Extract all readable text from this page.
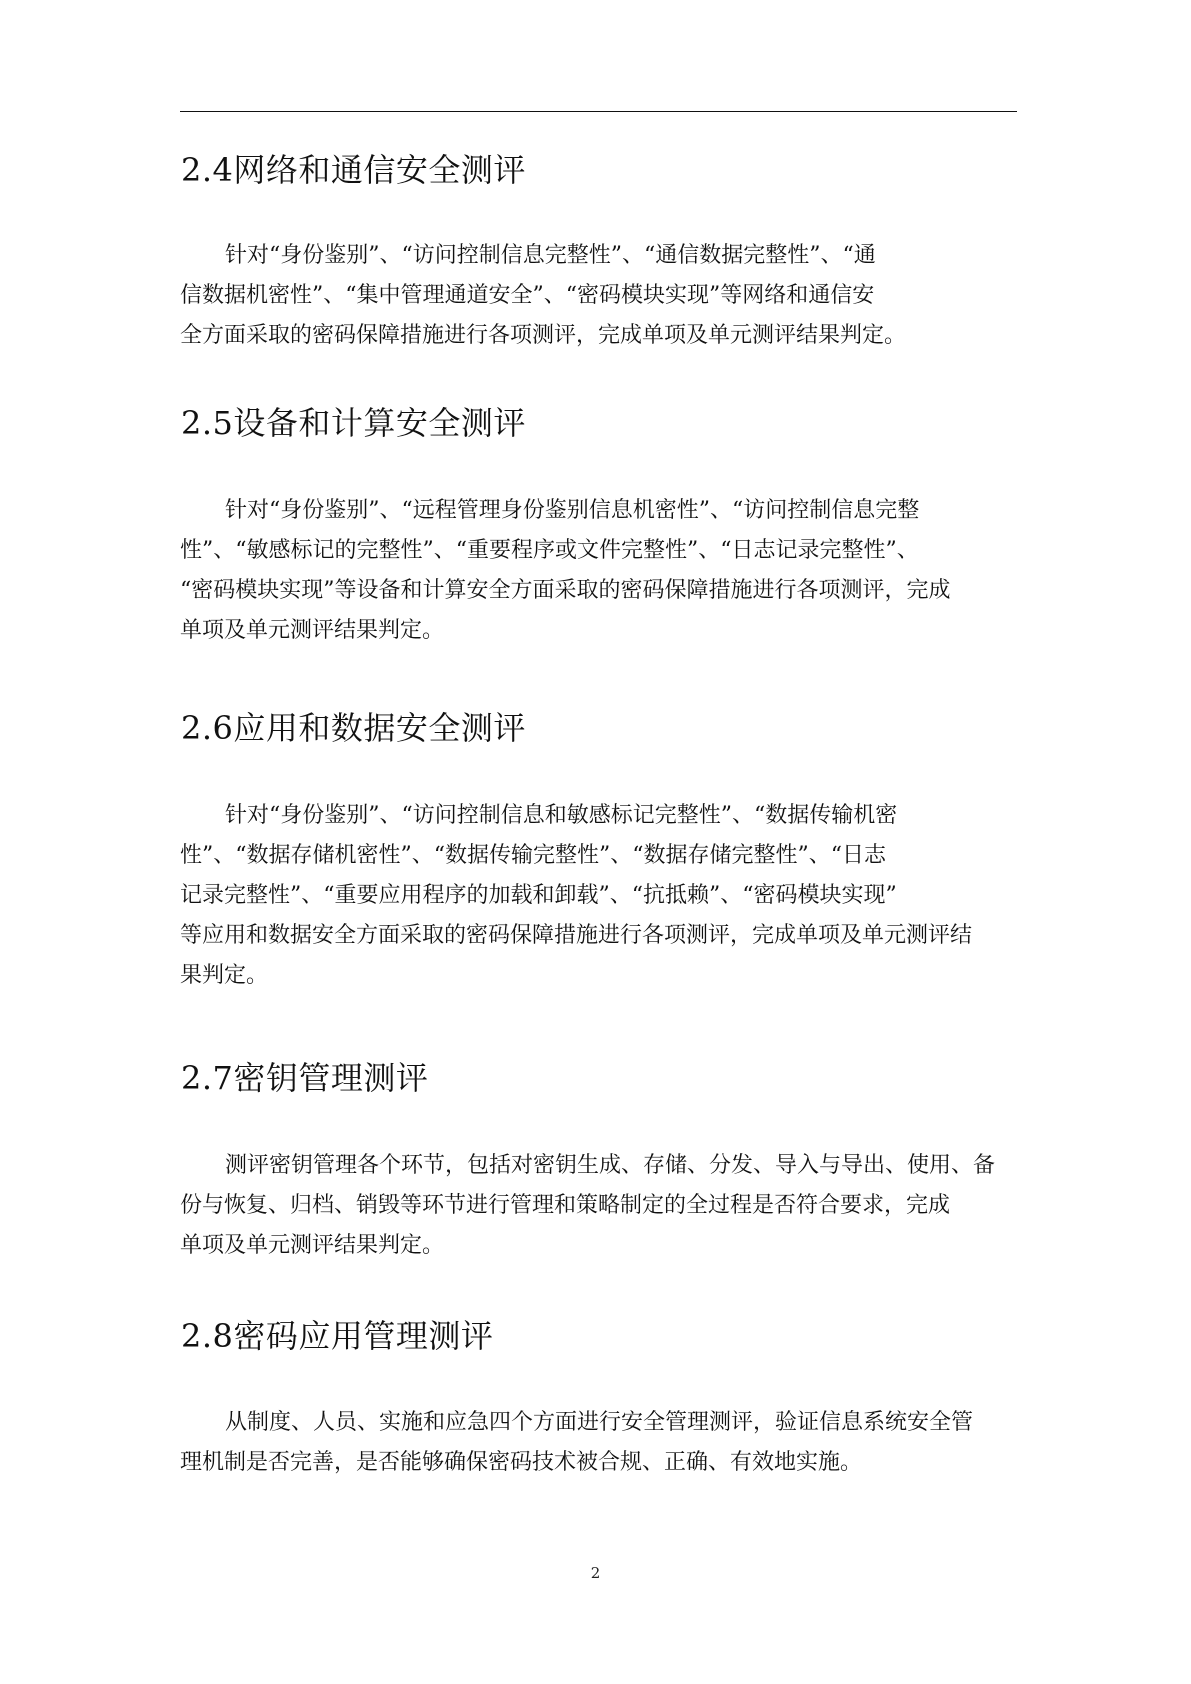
2.4网络和通信安全测评
针对“身份鉴别”、“访问控制信息完整性”、“通信数据完整性”、“通
信数据机密性”、“集中管理通道安全”、“密码模块实现”等网络和通信安
全方面采取的密码保障措施进行各项测评，完成单项及单元测评结果判定。
2.5设备和计算安全测评
针对“身份鉴别”、“远程管理身份鉴别信息机密性”、“访问控制信息完整
性”、“敏感标记的完整性”、“重要程序或文件完整性”、“日志记录完整性”、
“密码模块实现”等设备和计算安全方面采取的密码保障措施进行各项测评，完成
单项及单元测评结果判定。
2.6应用和数据安全测评
针对“身份鉴别”、“访问控制信息和敏感标记完整性”、“数据传输机密
性”、“数据存储机密性”、“数据传输完整性”、“数据存储完整性”、“日志
记录完整性”、“重要应用程序的加载和卸载”、“抗抵赖”、“密码模块实现”
等应用和数据安全方面采取的密码保障措施进行各项测评，完成单项及单元测评结
果判定。
2.7密钥管理测评
测评密钥管理各个环节，包括对密钥生成、存储、分发、导入与导出、使用、备
份与恢复、归档、销毁等环节进行管理和策略制定的全过程是否符合要求，完成
单项及单元测评结果判定。
2.8密码应用管理测评
从制度、人员、实施和应急四个方面进行安全管理测评，验证信息系统安全管
理机制是否完善，是否能够确保密码技术被合规、正确、有效地实施。
2
